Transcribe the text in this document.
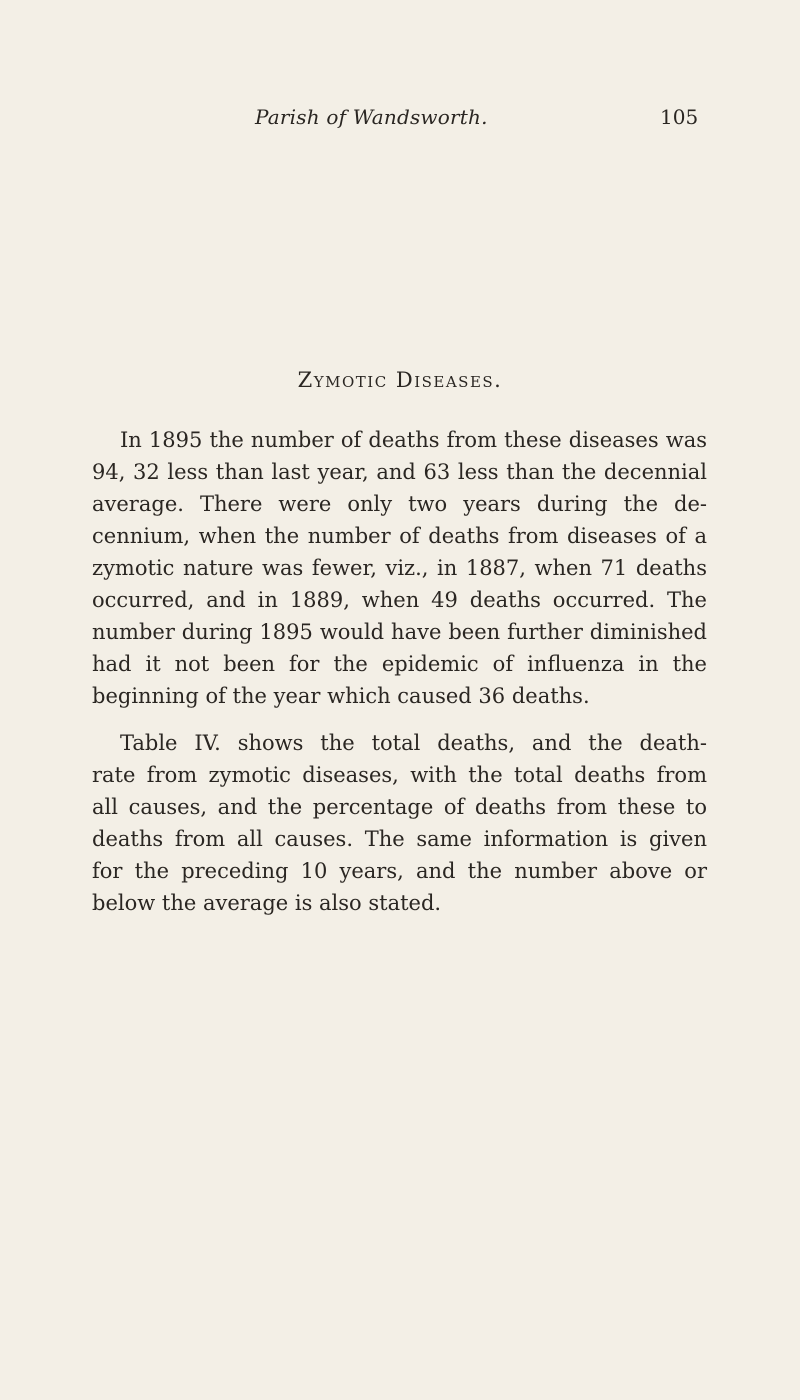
Parish of Wandsworth.	105
Zymotic Diseases.
In 1895 the number of deaths from these diseases was
94, 32 less than last year, and 63 less than the decennial
average. There were only two years during the de-
cennium, when the number of deaths from diseases of a
zymotic nature was fewer, viz., in 1887, when 71 deaths
occurred, and in 1889, when 49 deaths occurred. The
number during 1895 would have been further diminished
had it not been for the epidemic of influenza in the
beginning of the year which caused 36 deaths.
Table IV. shows the total deaths, and the death-
rate from zymotic diseases, with the total deaths from
all causes, and the percentage of deaths from these to
deaths from all causes. The same information is given
for the preceding 10 years, and the number above or
below the average is also stated.
